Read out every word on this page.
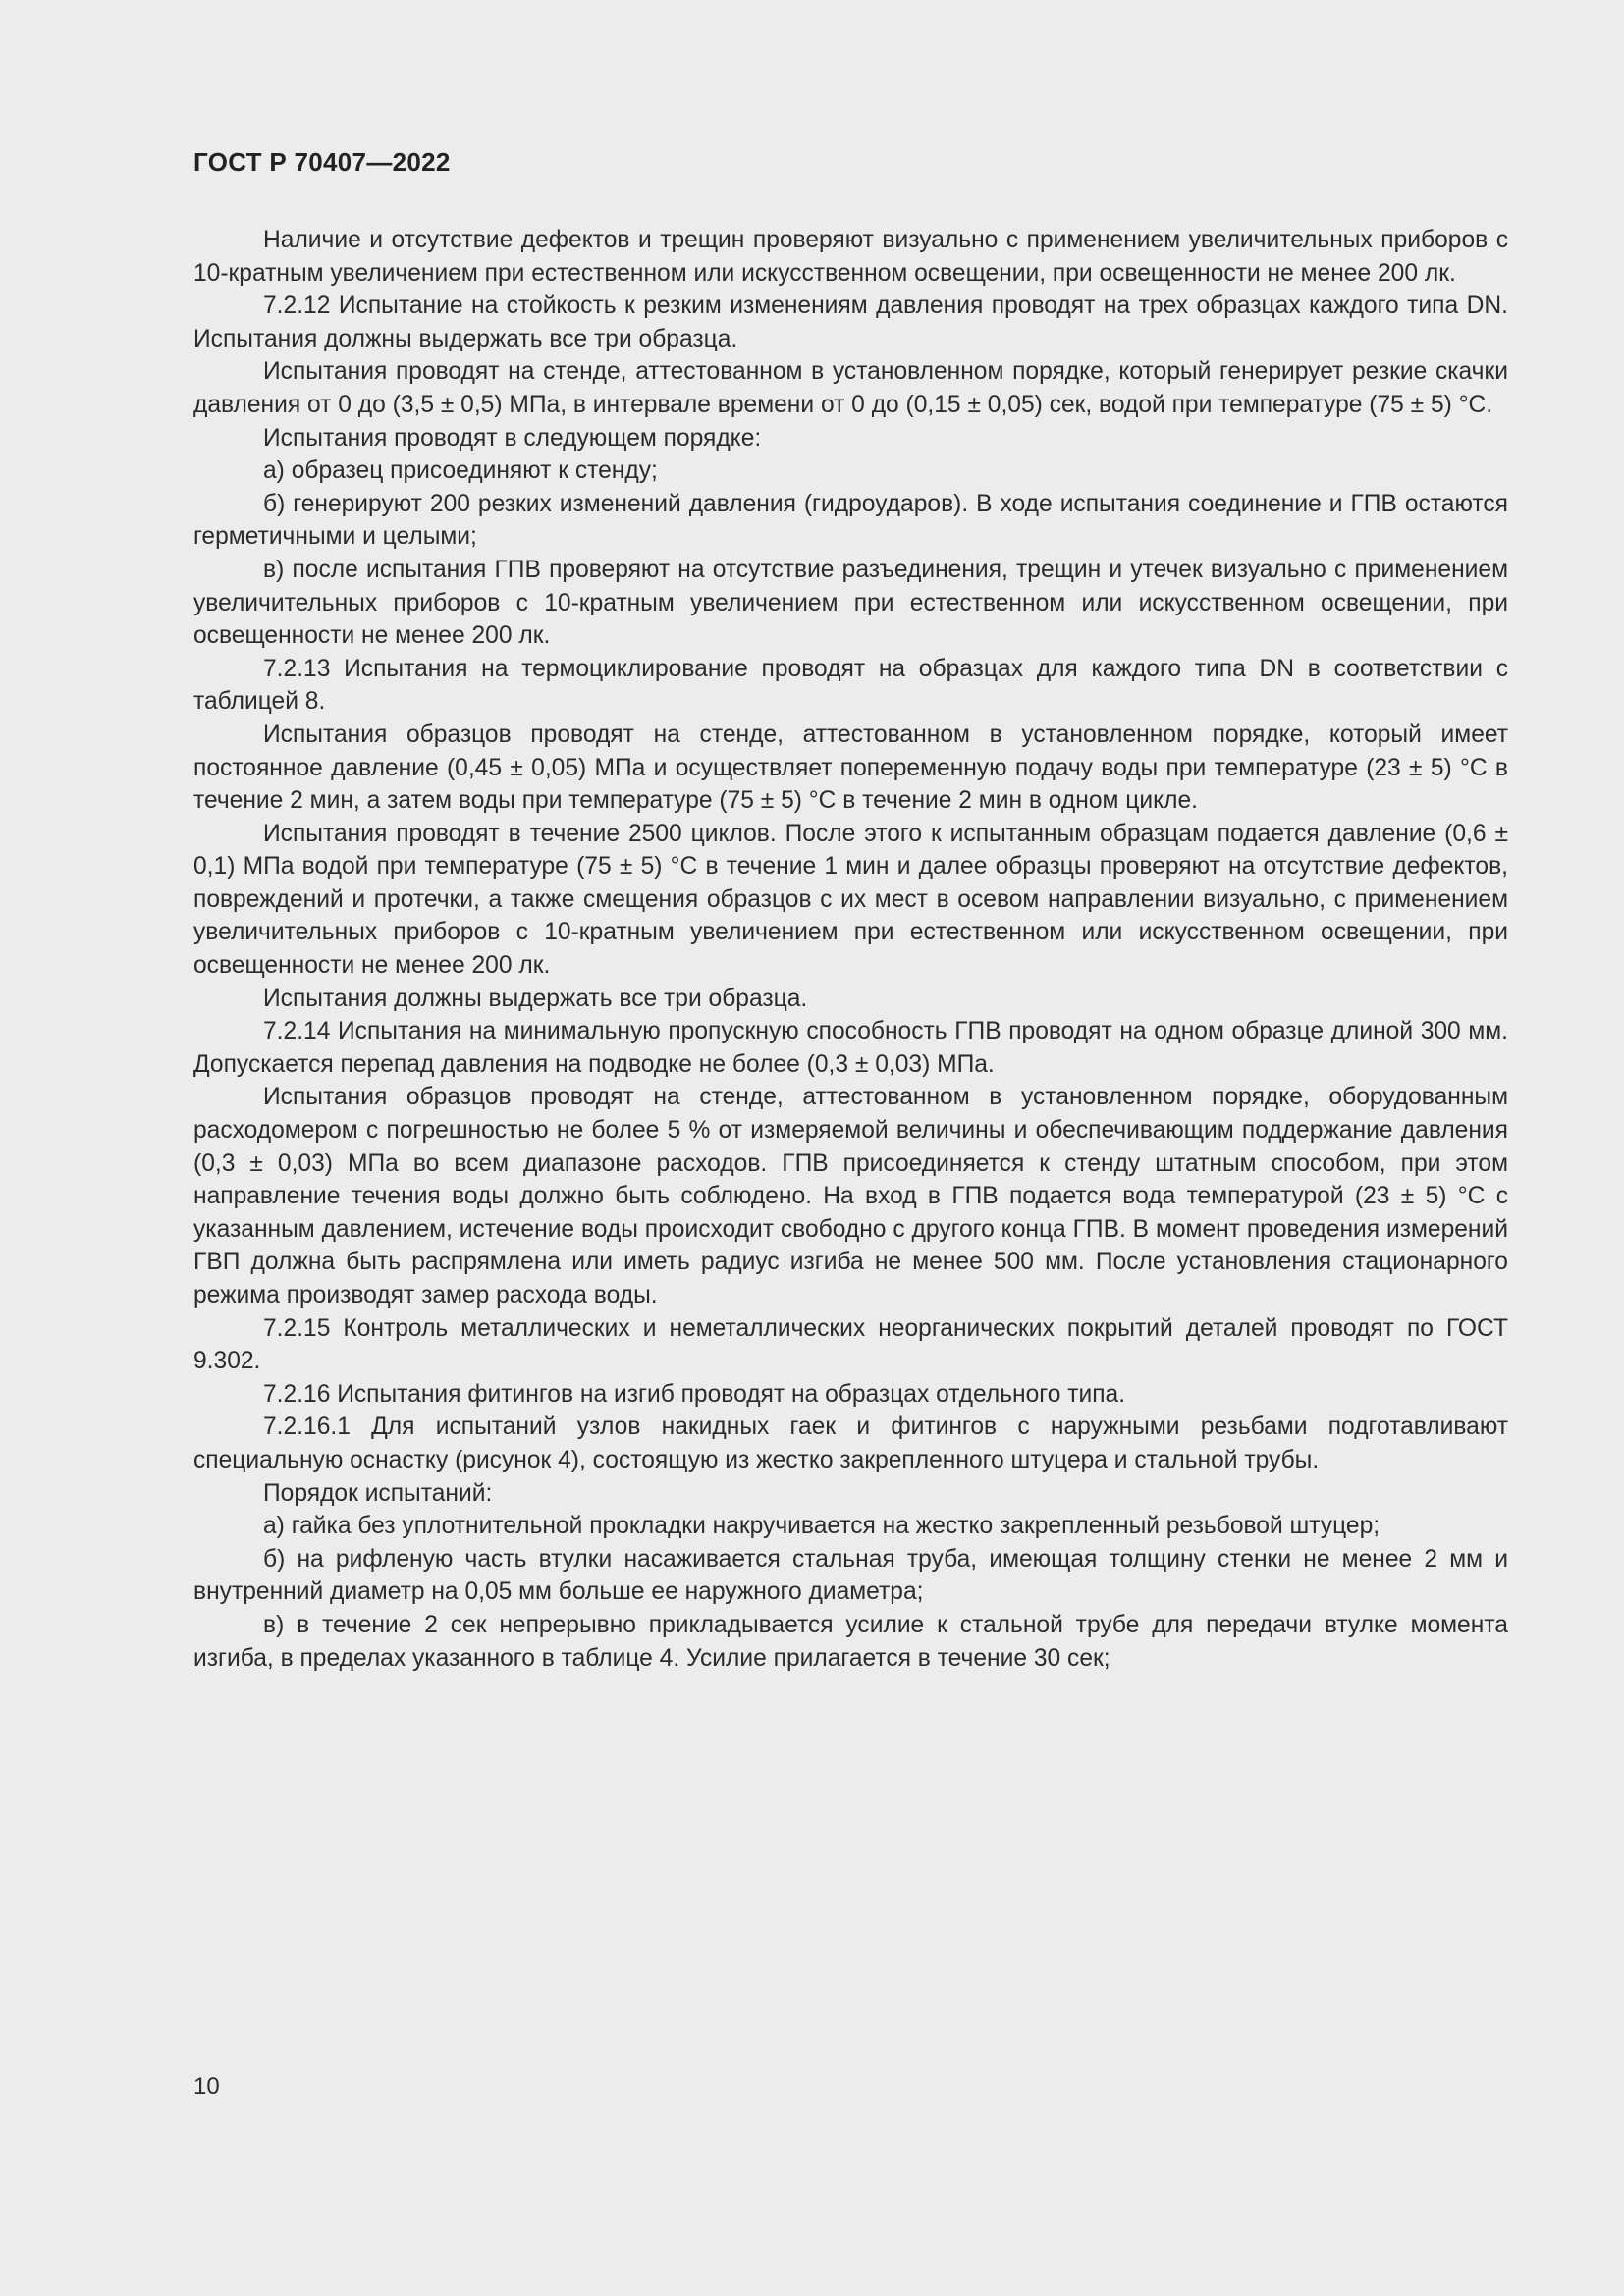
ГОСТ Р 70407—2022

Наличие и отсутствие дефектов и трещин проверяют визуально с применением увеличительных приборов с 10-кратным увеличением при естественном или искусственном освещении, при освещенности не менее 200 лк.

7.2.12 Испытание на стойкость к резким изменениям давления проводят на трех образцах каждого типа DN. Испытания должны выдержать все три образца.

Испытания проводят на стенде, аттестованном в установленном порядке, который генерирует резкие скачки давления от 0 до (3,5 ± 0,5) МПа, в интервале времени от 0 до (0,15 ± 0,05) сек, водой при температуре (75 ± 5) °С.

Испытания проводят в следующем порядке:

а) образец присоединяют к стенду;

б) генерируют 200 резких изменений давления (гидроударов). В ходе испытания соединение и ГПВ остаются герметичными и целыми;

в) после испытания ГПВ проверяют на отсутствие разъединения, трещин и утечек визуально с применением увеличительных приборов с 10-кратным увеличением при естественном или искусственном освещении, при освещенности не менее 200 лк.

7.2.13 Испытания на термоциклирование проводят на образцах для каждого типа DN в соответствии с таблицей 8.

Испытания образцов проводят на стенде, аттестованном в установленном порядке, который имеет постоянное давление (0,45 ± 0,05) МПа и осуществляет попеременную подачу воды при температуре (23 ± 5) °С в течение 2 мин, а затем воды при температуре (75 ± 5) °С в течение 2 мин в одном цикле.

Испытания проводят в течение 2500 циклов. После этого к испытанным образцам подается давление (0,6 ± 0,1) МПа водой при температуре (75 ± 5) °С в течение 1 мин и далее образцы проверяют на отсутствие дефектов, повреждений и протечки, а также смещения образцов с их мест в осевом направлении визуально, с применением увеличительных приборов с 10-кратным увеличением при естественном или искусственном освещении, при освещенности не менее 200 лк.

Испытания должны выдержать все три образца.

7.2.14 Испытания на минимальную пропускную способность ГПВ проводят на одном образце длиной 300 мм. Допускается перепад давления на подводке не более (0,3 ± 0,03) МПа.

Испытания образцов проводят на стенде, аттестованном в установленном порядке, оборудованным расходомером с погрешностью не более 5 % от измеряемой величины и обеспечивающим поддержание давления (0,3 ± 0,03) МПа во всем диапазоне расходов. ГПВ присоединяется к стенду штатным способом, при этом направление течения воды должно быть соблюдено. На вход в ГПВ подается вода температурой (23 ± 5) °С с указанным давлением, истечение воды происходит свободно с другого конца ГПВ. В момент проведения измерений ГВП должна быть распрямлена или иметь радиус изгиба не менее 500 мм. После установления стационарного режима производят замер расхода воды.

7.2.15 Контроль металлических и неметаллических неорганических покрытий деталей проводят по ГОСТ 9.302.

7.2.16 Испытания фитингов на изгиб проводят на образцах отдельного типа.

7.2.16.1 Для испытаний узлов накидных гаек и фитингов с наружными резьбами подготавливают специальную оснастку (рисунок 4), состоящую из жестко закрепленного штуцера и стальной трубы.

Порядок испытаний:

а) гайка без уплотнительной прокладки накручивается на жестко закрепленный резьбовой штуцер;

б) на рифленую часть втулки насаживается стальная труба, имеющая толщину стенки не менее 2 мм и внутренний диаметр на 0,05 мм больше ее наружного диаметра;

в) в течение 2 сек непрерывно прикладывается усилие к стальной трубе для передачи втулке момента изгиба, в пределах указанного в таблице 4. Усилие прилагается в течение 30 сек;

10
